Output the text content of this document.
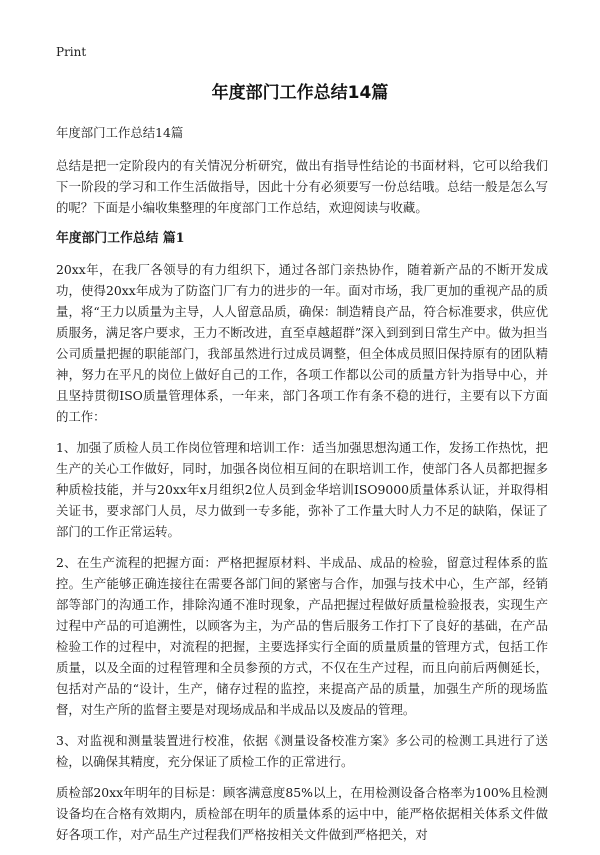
Print
年度部门工作总结14篇

年度部门工作总结14篇

总结是把一定阶段内的有关情况分析研究，做出有指导性结论的书面材料，它可以给我们下一阶段的学习和工作生活做指导，因此十分有必须要写一份总结哦。总结一般是怎么写的呢？下面是小编收集整理的年度部门工作总结，欢迎阅读与收藏。

年度部门工作总结 篇1

20xx年，在我厂各领导的有力组织下，通过各部门亲热协作，随着新产品的不断开发成功，使得20xx年成为了防盗门厂有力的进步的一年。面对市场，我厂更加的重视产品的质量，将“王力以质量为主导，人人留意品质，确保：制造精良产品，符合标准要求，供应优质服务，满足客户要求，王力不断改进，直至卓越超群”深入到到到日常生产中。做为担当公司质量把握的职能部门，我部虽然进行过成员调整，但全体成员照旧保持原有的团队精神，努力在平凡的岗位上做好自己的工作，各项工作都以公司的质量方针为指导中心，并且坚持贯彻ISO质量管理体系，一年来，部门各项工作有条不稳的进行，主要有以下方面的工作：

1、加强了质检人员工作岗位管理和培训工作：适当加强思想沟通工作，发扬工作热忱，把生产的关心工作做好，同时，加强各岗位相互间的在职培训工作，使部门各人员都把握多种质检技能，并与20xx年x月组织2位人员到金华培训ISO9000质量体系认证，并取得相关证书，要求部门人员，尽力做到一专多能，弥补了工作量大时人力不足的缺陷，保证了部门的工作正常运转。

2、在生产流程的把握方面：严格把握原材料、半成品、成品的检验，留意过程体系的监控。生产能够正确连接往在需要各部门间的紧密与合作，加强与技术中心，生产部，经销部等部门的沟通工作，排除沟通不准时现象，产品把握过程做好质量检验报表，实现生产过程中产品的可追溯性，以顾客为主，为产品的售后服务工作打下了良好的基础，在产品检验工作的过程中，对流程的把握，主要选择实行全面的质量质量的管理方式，包括工作质量，以及全面的过程管理和全员参预的方式，不仅在生产过程，而且向前后两侧延长，包括对产品的“设计，生产，储存过程的监控，来提高产品的质量，加强生产所的现场监督，对生产所的监督主要是对现场成品和半成品以及废品的管理。

3、对监视和测量装置进行校准，依据《测量设备校准方案》多公司的检测工具进行了送检，以确保其精度，充分保证了质检工作的正常进行。

质检部20xx年明年的目标是：顾客满意度85%以上，在用检测设备合格率为100%且检测设备均在合格有效期内，质检部在明年的质量体系的运中中，能严格依据相关体系文件做好各项工作，对产品生产过程我们严格按相关文件做到严格把关，对
